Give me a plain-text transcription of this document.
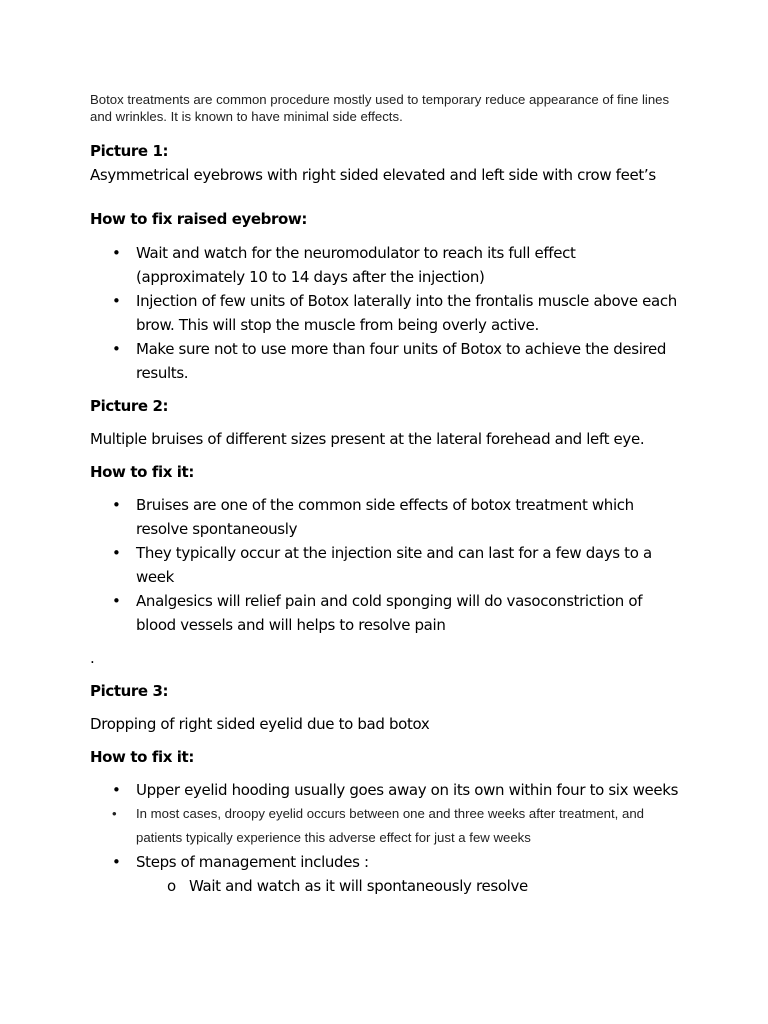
Botox treatments are common procedure mostly used to temporary reduce appearance of fine lines and wrinkles. It is known to have minimal side effects.

Picture 1:

Asymmetrical eyebrows with right sided elevated and left side with crow feet’s

How to fix raised eyebrow:

• Wait and watch for the neuromodulator to reach its full effect (approximately 10 to 14 days after the injection)
• Injection of few units of Botox laterally into the frontalis muscle above each brow. This will stop the muscle from being overly active.
• Make sure not to use more than four units of Botox to achieve the desired results.

Picture 2:

Multiple bruises of different sizes present at the lateral forehead and left eye.

How to fix it:

• Bruises are one of the common side effects of botox treatment which resolve spontaneously
• They typically occur at the injection site and can last for a few days to a week
• Analgesics will relief pain and cold sponging will do vasoconstriction of blood vessels and will helps to resolve pain

.

Picture 3:

Dropping of right sided eyelid due to bad botox

How to fix it:

• Upper eyelid hooding usually goes away on its own within four to six weeks
• In most cases, droopy eyelid occurs between one and three weeks after treatment, and patients typically experience this adverse effect for just a few weeks
• Steps of management includes :
o Wait and watch as it will spontaneously resolve
